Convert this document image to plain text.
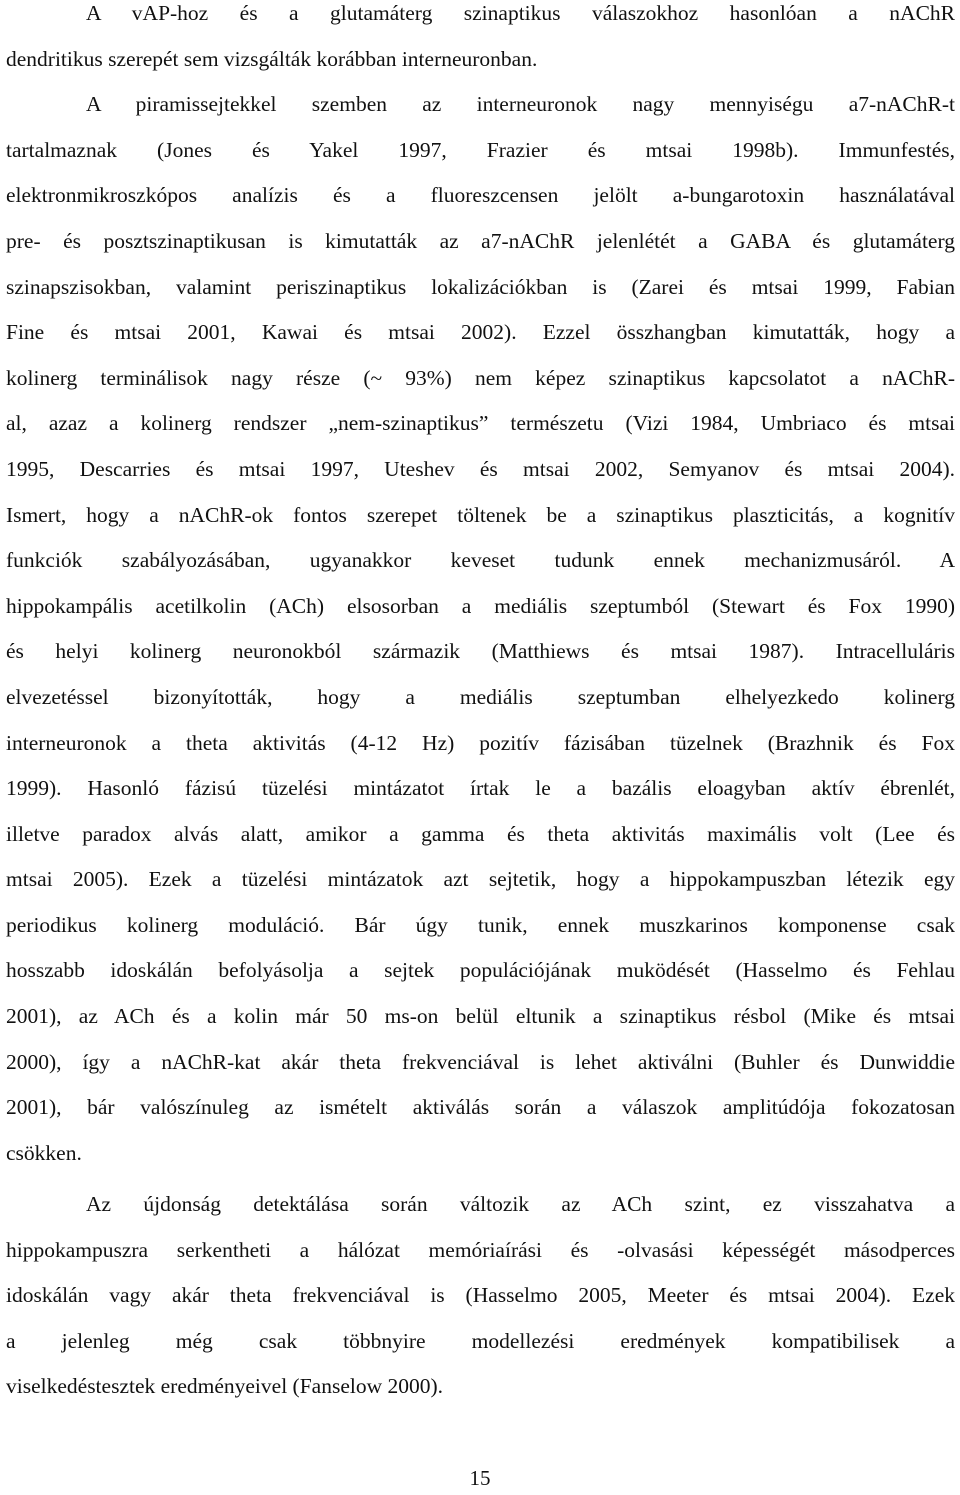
A vAP-hoz és a glutamáterg szinaptikus válaszokhoz hasonlóan a nAChR
dendritikus szerepét sem vizsgálták korábban interneuronban.
A piramissejtekkel szemben az interneuronok nagy mennyiségu a7-nAChR-t
tartalmaznak (Jones és Yakel 1997, Frazier és mtsai 1998b). Immunfestés,
elektronmikroszkópos analízis és a fluoreszcensen jelölt a-bungarotoxin használatával
pre- és posztszinaptikusan is kimutatták az a7-nAChR jelenlétét a GABA és glutamáterg
szinapszisokban, valamint periszinaptikus lokalizációkban is (Zarei és mtsai 1999, Fabian
Fine és mtsai 2001, Kawai és mtsai 2002). Ezzel összhangban kimutatták, hogy a
kolinerg terminálisok nagy része (~ 93%) nem képez szinaptikus kapcsolatot a nAChR-
al, azaz a kolinerg rendszer „nem-szinaptikus” természetu (Vizi 1984, Umbriaco és mtsai
1995, Descarries és mtsai 1997, Uteshev és mtsai 2002, Semyanov és mtsai 2004).
Ismert, hogy a nAChR-ok fontos szerepet töltenek be a szinaptikus plaszticitás, a kognitív
funkciók szabályozásában, ugyanakkor keveset tudunk ennek mechanizmusáról. A
hippokampális acetilkolin (ACh) elsosorban a mediális szeptumból (Stewart és Fox 1990)
és helyi kolinerg neuronokból származik (Matthiews és mtsai 1987). Intracelluláris
elvezetéssel bizonyították, hogy a mediális szeptumban elhelyezkedo kolinerg
interneuronok a theta aktivitás (4-12 Hz) pozitív fázisában tüzelnek (Brazhnik és Fox
1999). Hasonló fázisú tüzelési mintázatot írtak le a bazális eloagyban aktív ébrenlét,
illetve paradox alvás alatt, amikor a gamma és theta aktivitás maximális volt (Lee és
mtsai 2005). Ezek a tüzelési mintázatok azt sejtetik, hogy a hippokampuszban létezik egy
periodikus kolinerg moduláció. Bár úgy tunik, ennek muszkarinos komponense csak
hosszabb idoskálán befolyásolja a sejtek populációjának muködését (Hasselmo és Fehlau
2001), az ACh és a kolin már 50 ms-on belül eltunik a szinaptikus résbol (Mike és mtsai
2000), így a nAChR-kat akár theta frekvenciával is lehet aktiválni (Buhler és Dunwiddie
2001), bár valószínuleg az ismételt aktiválás során a válaszok amplitúdója fokozatosan
csökken.
Az újdonság detektálása során változik az ACh szint, ez visszahatva a
hippokampuszra serkentheti a hálózat memóriaírási és -olvasási képességét másodperces
idoskálán vagy akár theta frekvenciával is (Hasselmo 2005, Meeter és mtsai 2004). Ezek
a jelenleg még csak többnyire modellezési eredmények kompatibilisek a
viselkedéstesztek eredményeivel (Fanselow 2000).
15
